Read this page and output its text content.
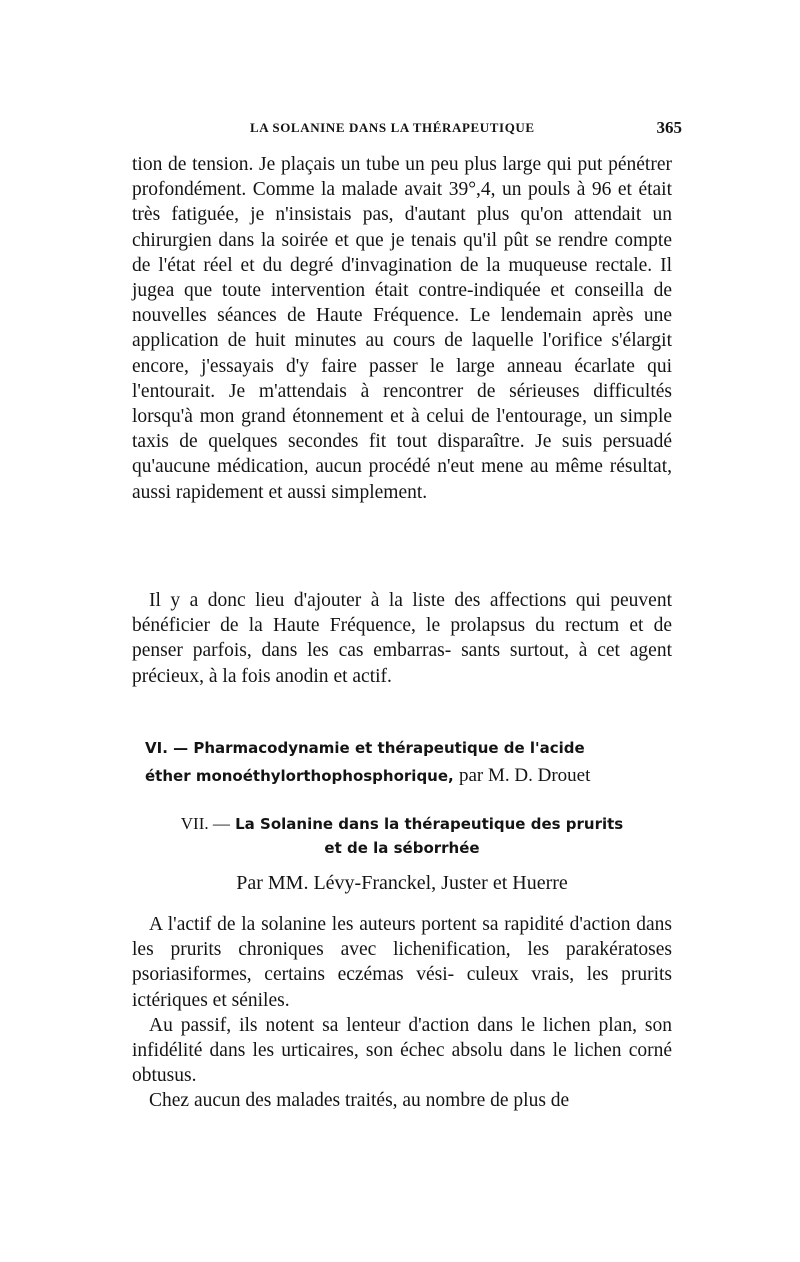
LA SOLANINE DANS LA THÉRAPEUTIQUE	365

tion de tension. Je plaçais un tube un peu plus large qui put pénétrer profondément. Comme la malade avait 39°,4, un pouls à 96 et était très fatiguée, je n'insistais pas, d'autant plus qu'on attendait un chirurgien dans la soirée et que je tenais qu'il pût se rendre compte de l'état réel et du degré d'invagination de la muqueuse rectale. Il jugea que toute intervention était contre-indiquée et conseilla de nouvelles séances de Haute Fréquence. Le lendemain après une application de huit minutes au cours de laquelle l'orifice s'élargit encore, j'essayais d'y faire passer le large anneau écarlate qui l'entourait. Je m'attendais à rencontrer de sérieuses difficultés lorsqu'à mon grand étonnement et à celui de l'entourage, un simple taxis de quelques secondes fit tout disparaître. Je suis persuadé qu'aucune médication, aucun procédé n'eut mene au même résultat, aussi rapidement et aussi simplement.

Il y a donc lieu d'ajouter à la liste des affections qui peuvent bénéficier de la Haute Fréquence, le prolapsus du rectum et de penser parfois, dans les cas embarras- sants surtout, à cet agent précieux, à la fois anodin et actif.

VI. — Pharmacodynamie et thérapeutique de l'acide
éther monoéthylorthophosphorique, par M. D. Drouet
VII. — La Solanine dans la thérapeutique des prurits
et de la séborrhée
Par MM. Lévy-Franckel, Juster et Huerre

A l'actif de la solanine les auteurs portent sa rapidité d'action dans les prurits chroniques avec lichenification, les parakératoses psoriasiformes, certains eczémas vési- culeux vrais, les prurits ictériques et séniles.

Au passif, ils notent sa lenteur d'action dans le lichen plan, son infidélité dans les urticaires, son échec absolu dans le lichen corné obtusus.

Chez aucun des malades traités, au nombre de plus de
